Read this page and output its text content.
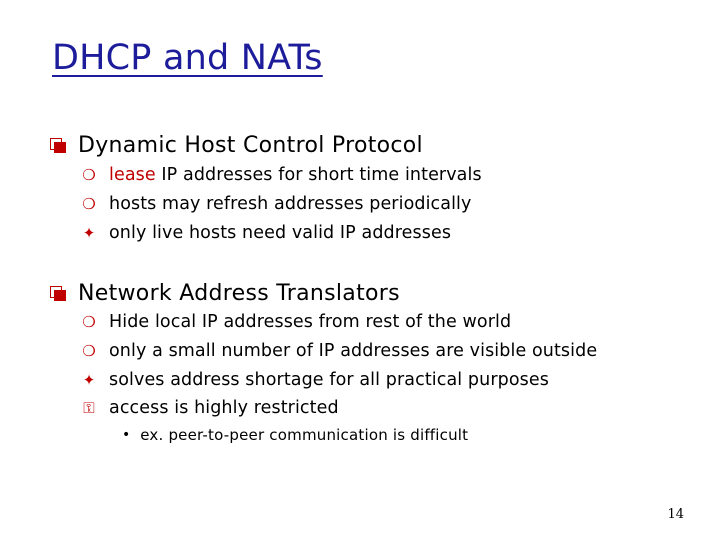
DHCP and NATs
Dynamic Host Control Protocol
❍ lease IP addresses for short time intervals
❍ hosts may refresh addresses periodically
✦ only live hosts need valid IP addresses
Network Address Translators
❍ Hide local IP addresses from rest of the world
❍ only a small number of IP addresses are visible outside
✦ solves address shortage for all practical purposes
⚿ access is highly restricted
• ex. peer-to-peer communication is difficult
14
